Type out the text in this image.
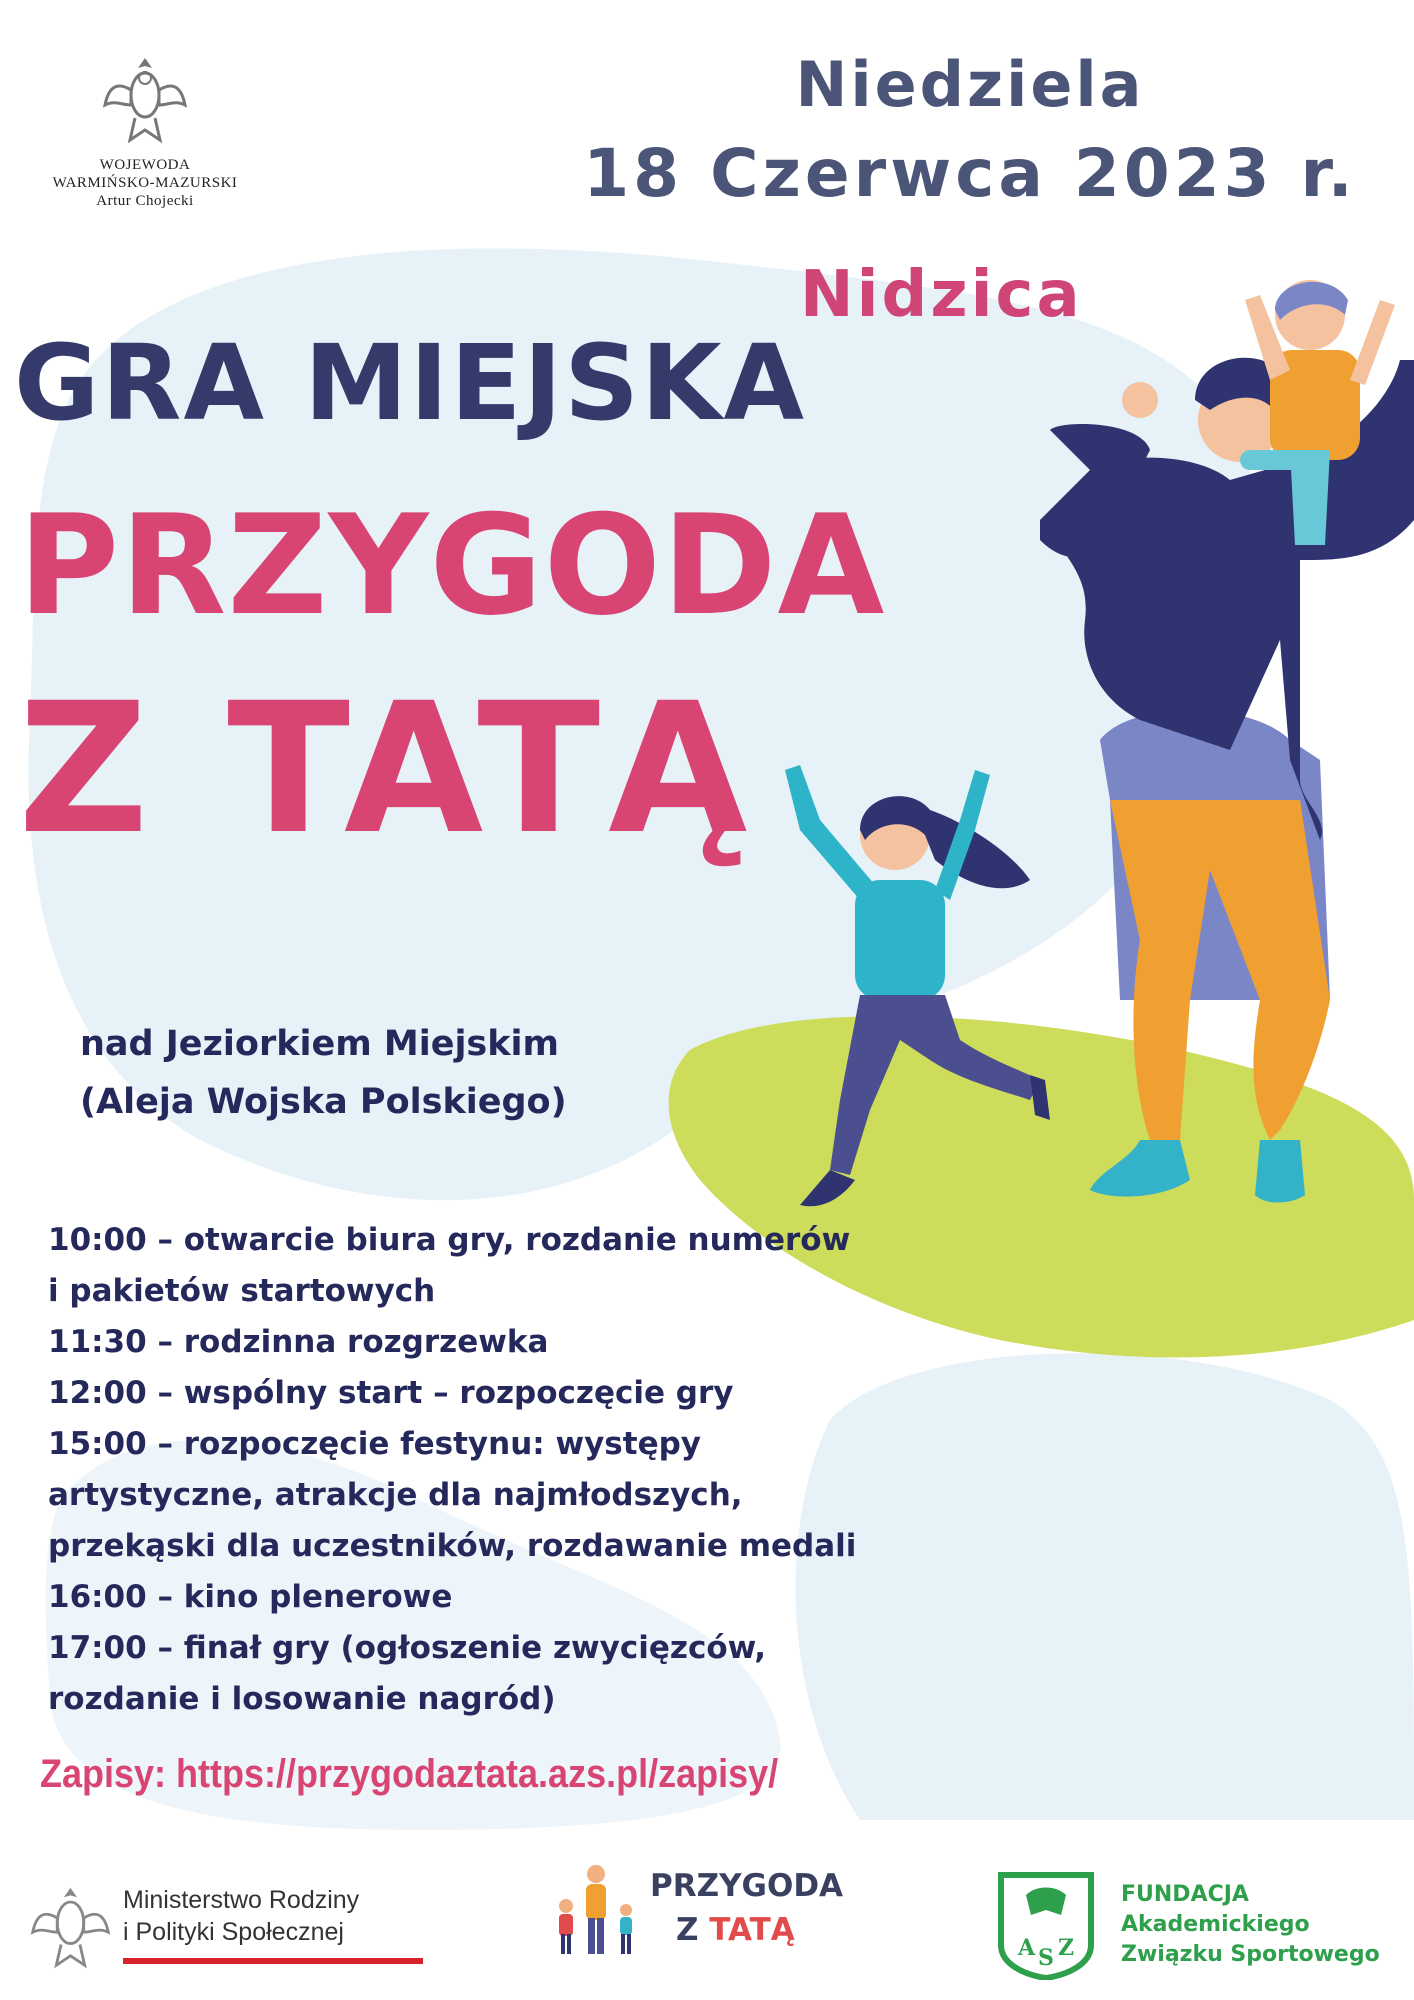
WOJEWODA
WARMIŃSKO-MAZURSKI
Artur Chojecki
Niedziela
18 Czerwca 2023 r.
Nidzica
GRA MIEJSKA
PRZYGODA
Z TATĄ
nad Jeziorkiem Miejskim
(Aleja Wojska Polskiego)
10:00 – otwarcie biura gry, rozdanie numerów
i pakietów startowych
11:30 – rodzinna rozgrzewka
12:00 – wspólny start – rozpoczęcie gry
15:00 – rozpoczęcie festynu: występy
artystyczne, atrakcje dla najmłodszych,
przekąski dla uczestników, rozdawanie medali
16:00 – kino plenerowe
17:00 – finał gry (ogłoszenie zwycięzców,
rozdanie i losowanie nagród)
Zapisy: https://przygodaztata.azs.pl/zapisy/
Ministerstwo Rodziny
i Polityki Społecznej
PRZYGODA
Z TATĄ	A S Z
FUNDACJA
Akademickiego
Związku Sportowego
